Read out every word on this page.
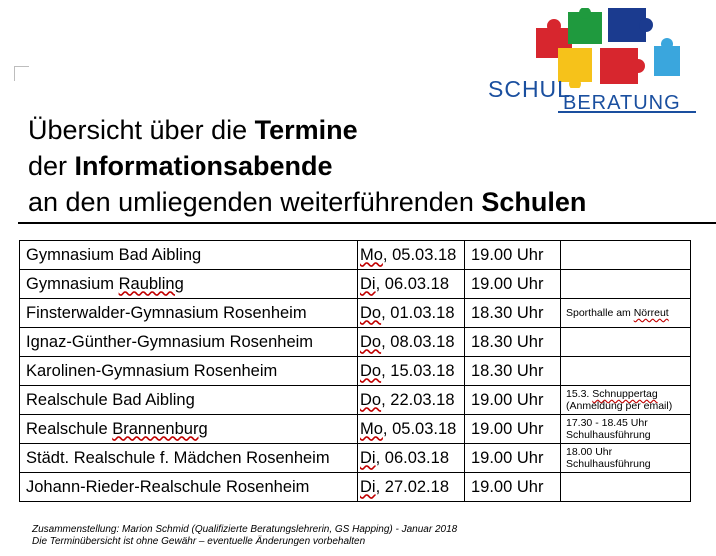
SCHUL
BERATUNG
Übersicht über die Termine
der Informationsabende
an den umliegenden weiterführenden Schulen
Gymnasium Bad Aibling	Mo, 05.03.18	19.00 Uhr	
Gymnasium Raubling	Di, 06.03.18	19.00 Uhr	
Finsterwalder-Gymnasium Rosenheim	Do, 01.03.18	18.30 Uhr	Sporthalle am Nörreut
Ignaz-Günther-Gymnasium Rosenheim	Do, 08.03.18	18.30 Uhr	
Karolinen-Gymnasium Rosenheim	Do, 15.03.18	18.30 Uhr	
Realschule Bad Aibling	Do, 22.03.18	19.00 Uhr	15.3. Schnuppertag (Anmeldung per email)
Realschule Brannenburg	Mo, 05.03.18	19.00 Uhr	17.30 - 18.45 Uhr Schulhausführung
Städt. Realschule f. Mädchen Rosenheim	Di, 06.03.18	19.00 Uhr	18.00 Uhr Schulhausführung
Johann-Rieder-Realschule Rosenheim	Di, 27.02.18	19.00 Uhr	
Zusammenstellung: Marion Schmid (Qualifizierte Beratungslehrerin, GS Happing) - Januar 2018
Die Terminübersicht ist ohne Gewähr – eventuelle Änderungen vorbehalten
